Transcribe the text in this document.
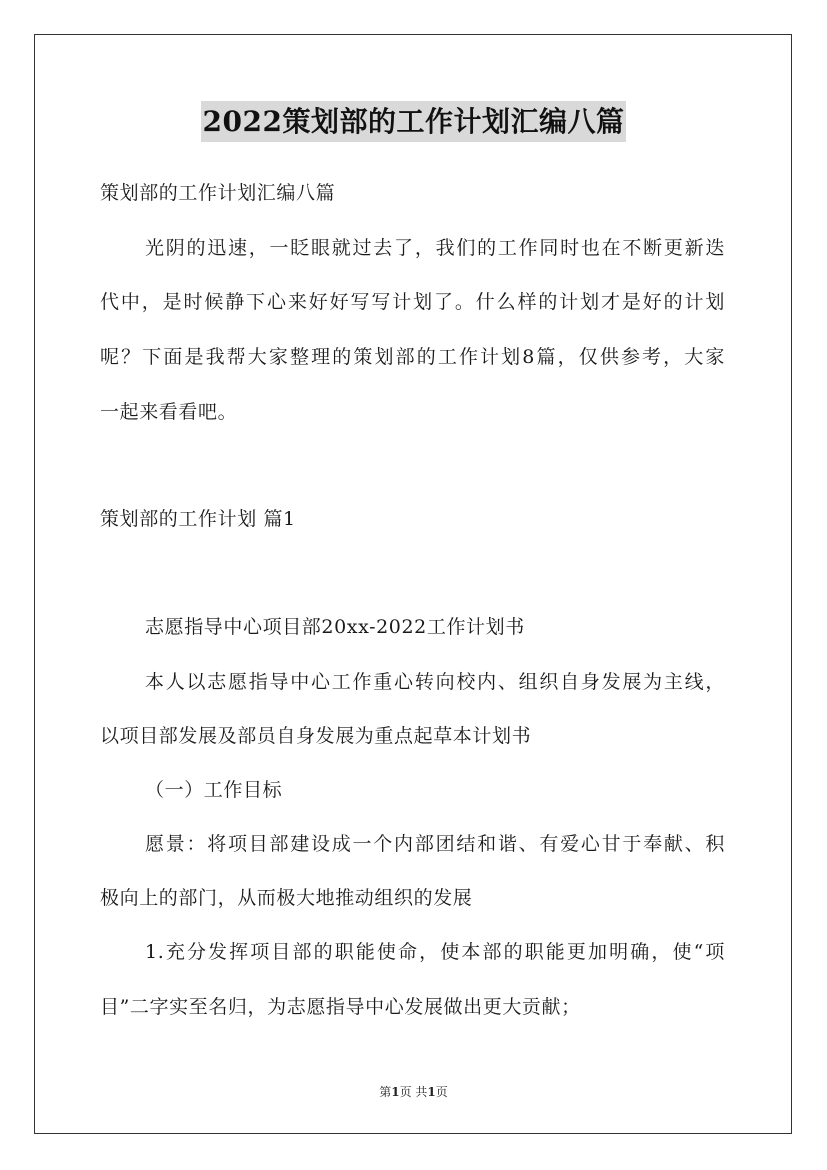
2022策划部的工作计划汇编八篇
策划部的工作计划汇编八篇
光阴的迅速，一眨眼就过去了，我们的工作同时也在不断更新迭
代中，是时候静下心来好好写写计划了。什么样的计划才是好的计划
呢？下面是我帮大家整理的策划部的工作计划8篇，仅供参考，大家
一起来看看吧。
策划部的工作计划 篇1
志愿指导中心项目部20xx-2022工作计划书
本人以志愿指导中心工作重心转向校内、组织自身发展为主线，
以项目部发展及部员自身发展为重点起草本计划书
（一）工作目标
愿景：将项目部建设成一个内部团结和谐、有爱心甘于奉献、积
极向上的部门，从而极大地推动组织的发展
1.充分发挥项目部的职能使命，使本部的职能更加明确，使“项
目”二字实至名归，为志愿指导中心发展做出更大贡献；
第1页 共1页
